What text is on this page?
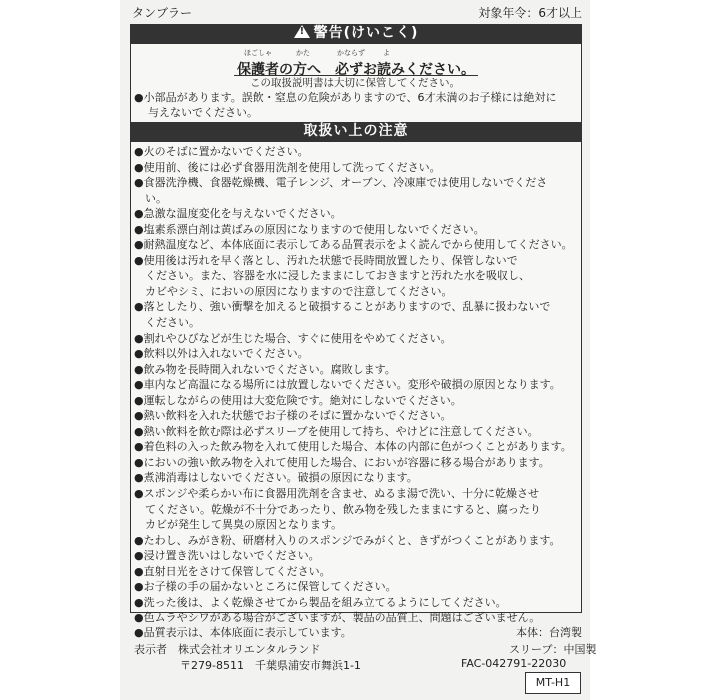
タンブラー	対象年令：6才以上
! 警告(けいこく)
ほごしゃ	かた	かならず	よ
保護者の方へ　必ずお読みください。
この取扱説明書は大切に保管してください。
●小部品があります。誤飲・窒息の危険がありますので、6才未満のお子様には絶対に
与えないでください。
取扱い上の注意
●火のそばに置かないでください。
●使用前、後には必ず食器用洗剤を使用して洗ってください。
●食器洗浄機、食器乾燥機、電子レンジ、オーブン、冷凍庫では使用しないでくださ
　い。
●急激な温度変化を与えないでください。
●塩素系漂白剤は黄ばみの原因になりますので使用しないでください。
●耐熱温度など、本体底面に表示してある品質表示をよく読んでから使用してください。
●使用後は汚れを早く落とし、汚れた状態で長時間放置したり、保管しないで
　ください。また、容器を水に浸したままにしておきますと汚れた水を吸収し、
　カビやシミ、においの原因になりますので注意してください。
●落としたり、強い衝撃を加えると破損することがありますので、乱暴に扱わないで
　ください。
●割れやひびなどが生じた場合、すぐに使用をやめてください。
●飲料以外は入れないでください。
●飲み物を長時間入れないでください。腐敗します。
●車内など高温になる場所には放置しないでください。変形や破損の原因となります。
●運転しながらの使用は大変危険です。絶対にしないでください。
●熱い飲料を入れた状態でお子様のそばに置かないでください。
●熱い飲料を飲む際は必ずスリーブを使用して持ち、やけどに注意してください。
●着色料の入った飲み物を入れて使用した場合、本体の内部に色がつくことがあります。
●においの強い飲み物を入れて使用した場合、においが容器に移る場合があります。
●煮沸消毒はしないでください。破損の原因になります。
●スポンジや柔らかい布に食器用洗剤を含ませ、ぬるま湯で洗い、十分に乾燥させ
　てください。乾燥が不十分であったり、飲み物を残したままにすると、腐ったり
　カビが発生して異臭の原因となります。
●たわし、みがき粉、研磨材入りのスポンジでみがくと、きずがつくことがあります。
●浸け置き洗いはしないでください。
●直射日光をさけて保管してください。
●お子様の手の届かないところに保管してください。
●洗った後は、よく乾燥させてから製品を組み立てるようにしてください。
●色ムラやシワがある場合がございますが、製品の品質上、問題はございません。
●品質表示は、本体底面に表示しています。	本体：台湾製
表示者　株式会社オリエンタルランド	スリーブ：中国製
〒279-8511　千葉県浦安市舞浜1-1	FAC-042791-22030
MT-H1
